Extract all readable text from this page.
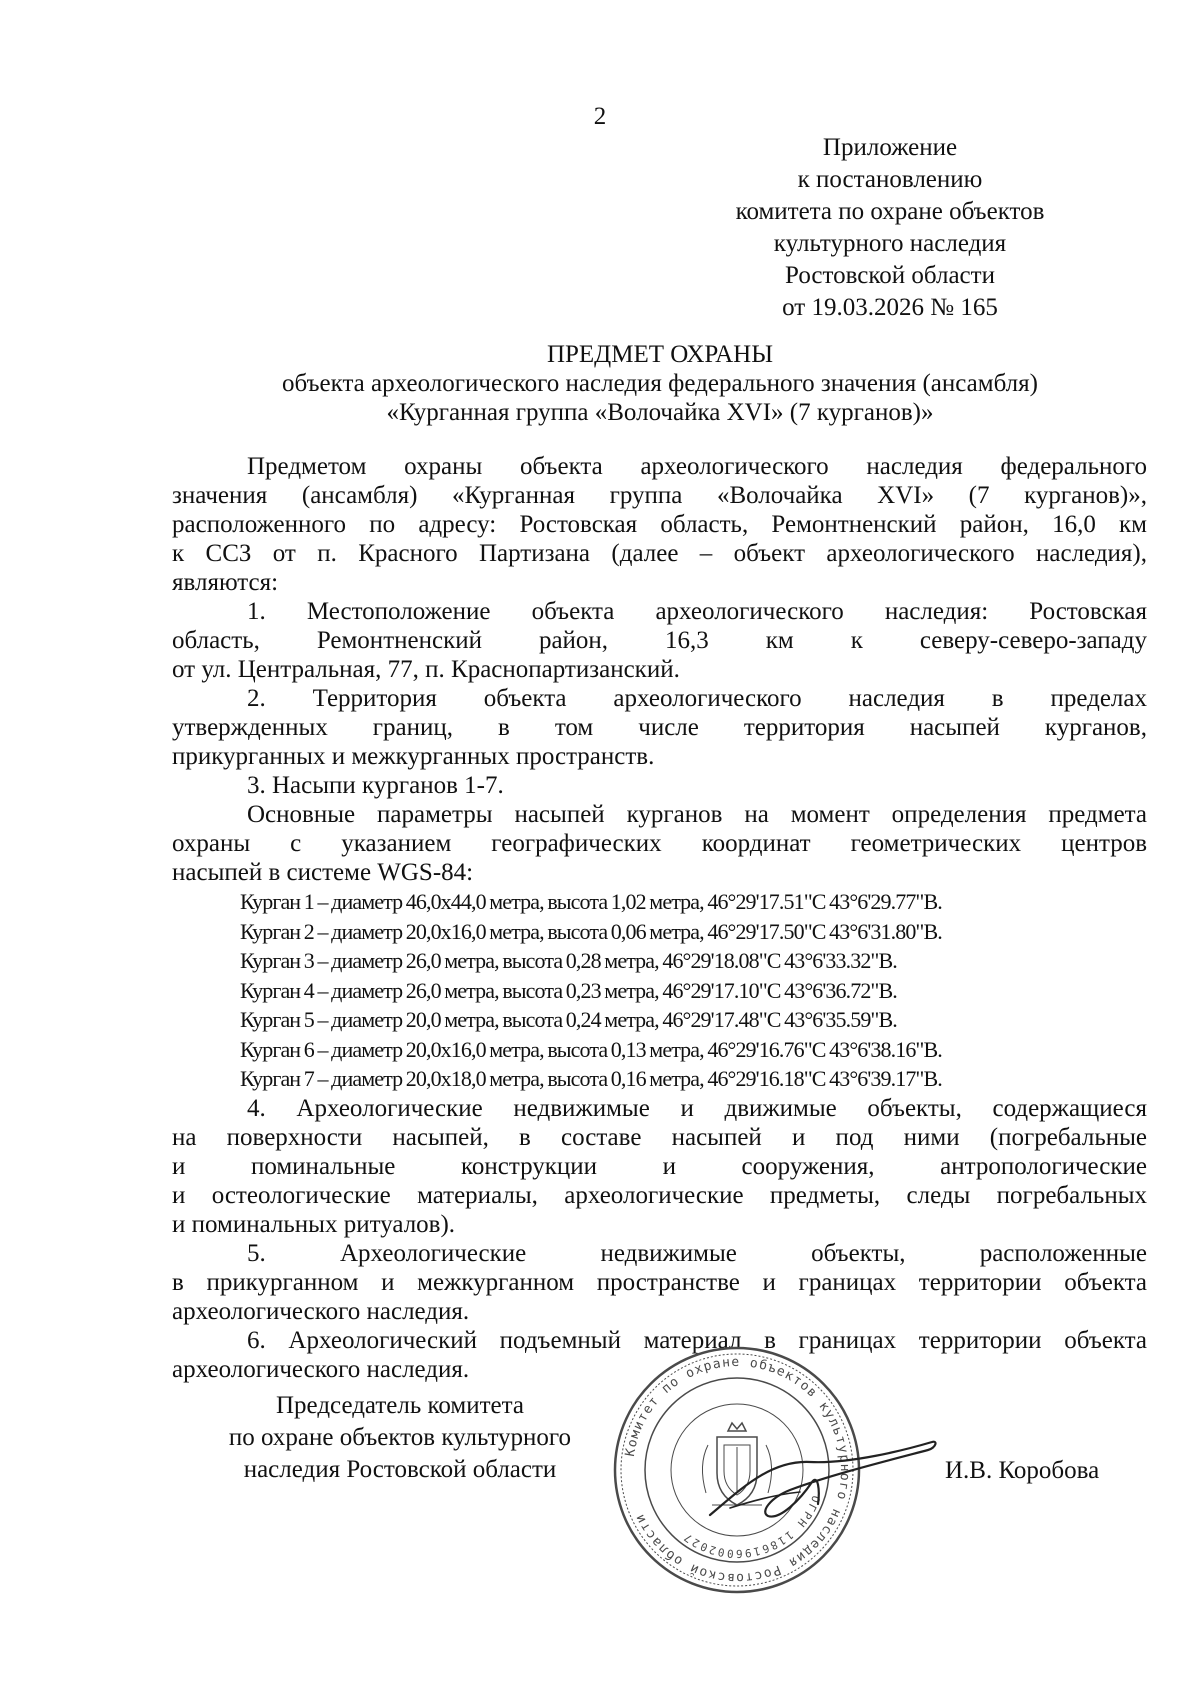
2
Приложение
к постановлению
комитета по охране объектов
культурного наследия
Ростовской области
от 19.03.2026 № 165
ПРЕДМЕТ ОХРАНЫ
объекта археологического наследия федерального значения (ансамбля)
«Курганная группа «Волочайка XVI» (7 курганов)»
Предметом охраны объекта археологического наследия федерального
значения (ансамбля) «Курганная группа «Волочайка XVI» (7 курганов)»,
расположенного по адресу: Ростовская область, Ремонтненский район, 16,0 км
к ССЗ от п. Красного Партизана (далее – объект археологического наследия),
являются:
1. Местоположение объекта археологического наследия: Ростовская
область, Ремонтненский район, 16,3 км к северу-северо-западу
от ул. Центральная, 77, п. Краснопартизанский.
2. Территория объекта археологического наследия в пределах
утвержденных границ, в том числе территория насыпей курганов,
прикурганных и межкурганных пространств.
3. Насыпи курганов 1-7.
Основные параметры насыпей курганов на момент определения предмета
охраны с указанием географических координат геометрических центров
насыпей в системе WGS-84:
Курган 1 – диаметр 46,0х44,0 метра, высота 1,02 метра, 46°29'17.51"С 43°6'29.77"В.
Курган 2 – диаметр 20,0х16,0 метра, высота 0,06 метра, 46°29'17.50"С 43°6'31.80"В.
Курган 3 – диаметр 26,0 метра, высота 0,28 метра, 46°29'18.08"С 43°6'33.32"В.
Курган 4 – диаметр 26,0 метра, высота 0,23 метра, 46°29'17.10"С 43°6'36.72"В.
Курган 5 – диаметр 20,0 метра, высота 0,24 метра, 46°29'17.48"С 43°6'35.59"В.
Курган 6 – диаметр 20,0х16,0 метра, высота 0,13 метра, 46°29'16.76"С 43°6'38.16"В.
Курган 7 – диаметр 20,0х18,0 метра, высота 0,16 метра, 46°29'16.18"С 43°6'39.17"В.
4. Археологические недвижимые и движимые объекты, содержащиеся
на поверхности насыпей, в составе насыпей и под ними (погребальные
и поминальные конструкции и сооружения, антропологические
и остеологические материалы, археологические предметы, следы погребальных
и поминальных ритуалов).
5. Археологические недвижимые объекты, расположенные
в прикурганном и межкурганном пространстве и границах территории объекта
археологического наследия.
6. Археологический подъемный материал в границах территории объекта
археологического наследия.
Председатель комитета
по охране объектов культурного
наследия Ростовской области
Комитет по охране объектов культурного наследия Ростовской области
ОГРН 1186196002027
И.В. Коробова
